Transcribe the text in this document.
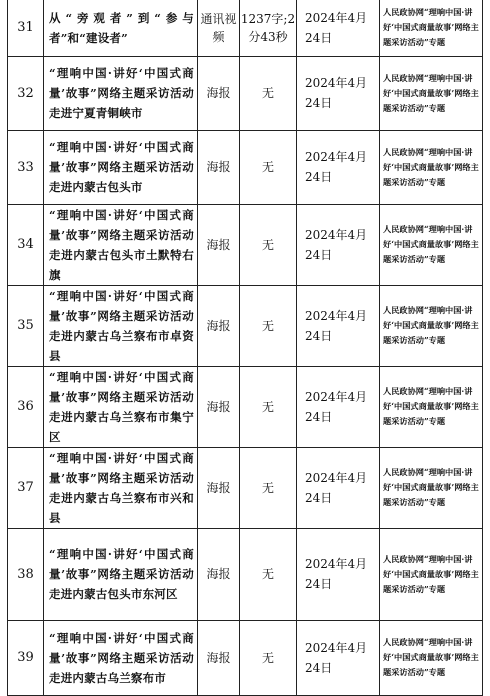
31	从“旁观者”到“参与者”和“建设者”	通讯视频	1237字;2分43秒	2024年4月24日	人民政协网“理响中国·讲好‘中国式商量故事’网络主题采访活动”专题
32	“理响中国·讲好‘中国式商量’故事”网络主题采访活动走进宁夏青铜峡市	海报	无	2024年4月24日	人民政协网“理响中国·讲好‘中国式商量故事’网络主题采访活动”专题
33	“理响中国·讲好‘中国式商量’故事”网络主题采访活动走进内蒙古包头市	海报	无	2024年4月24日	人民政协网“理响中国·讲好‘中国式商量故事’网络主题采访活动”专题
34	“理响中国·讲好‘中国式商量’故事”网络主题采访活动走进内蒙古包头市土默特右旗	海报	无	2024年4月24日	人民政协网“理响中国·讲好‘中国式商量故事’网络主题采访活动”专题
35	“理响中国·讲好‘中国式商量’故事”网络主题采访活动走进内蒙古乌兰察布市卓资县	海报	无	2024年4月24日	人民政协网“理响中国·讲好‘中国式商量故事’网络主题采访活动”专题
36	“理响中国·讲好‘中国式商量’故事”网络主题采访活动走进内蒙古乌兰察布市集宁区	海报	无	2024年4月24日	人民政协网“理响中国·讲好‘中国式商量故事’网络主题采访活动”专题
37	“理响中国·讲好‘中国式商量’故事”网络主题采访活动走进内蒙古乌兰察布市兴和县	海报	无	2024年4月24日	人民政协网“理响中国·讲好‘中国式商量故事’网络主题采访活动”专题
38	“理响中国·讲好‘中国式商量’故事”网络主题采访活动走进内蒙古包头市东河区	海报	无	2024年4月24日	人民政协网“理响中国·讲好‘中国式商量故事’网络主题采访活动”专题
39	“理响中国·讲好‘中国式商量’故事”网络主题采访活动走进内蒙古乌兰察布市	海报	无	2024年4月24日	人民政协网“理响中国·讲好‘中国式商量故事’网络主题采访活动”专题
